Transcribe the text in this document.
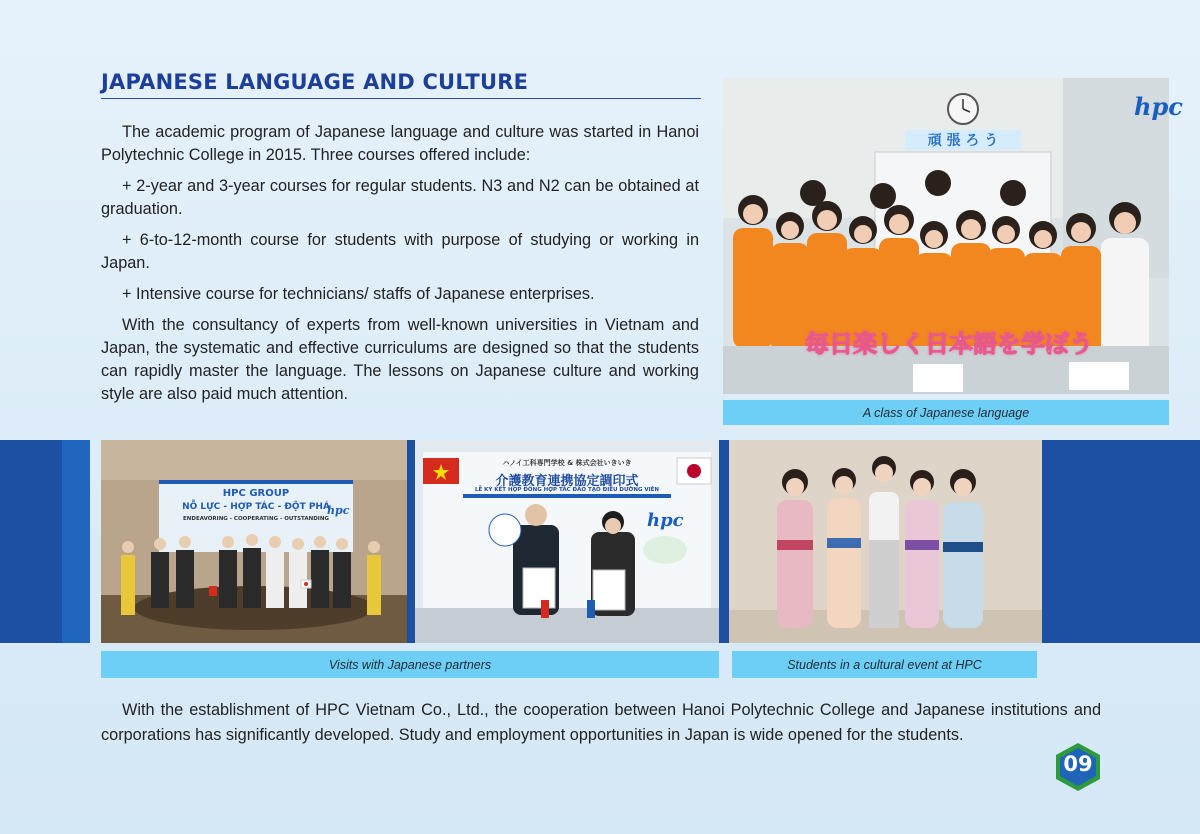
JAPANESE LANGUAGE AND CULTURE

The academic program of Japanese language and culture was started in Hanoi Polytechnic College in 2015. Three courses offered include:

+ 2-year and 3-year courses for regular students. N3 and N2 can be obtained at graduation.

+ 6-to-12-month course for students with purpose of studying or working in Japan.

+ Intensive course for technicians/ staffs of Japanese enterprises.

With the consultancy of experts from well-known universities in Vietnam and Japan, the systematic and effective curriculums are designed so that the students can rapidly master the language. The lessons on Japanese culture and working style are also paid much attention.

頑 張 ろ う
hpc
毎日楽しく日本語を学ぼう
A class of Japanese language
HPC GROUP
NỖ LỰC - HỢP TÁC - ĐỘT PHÁ
ENDEAVORING - COOPERATING - OUTSTANDING
hpc
ハノイ工科専門学校 & 株式会社いきいき
介護教育連携協定調印式
LỄ KÝ KẾT HỢP ĐỒNG HỢP TÁC ĐÀO TẠO ĐIỀU DƯỠNG VIÊN
hpc
Visits with Japanese partners	Students in a cultural event at HPC

With the establishment of HPC Vietnam Co., Ltd., the cooperation between Hanoi Polytechnic College and Japanese institutions and corporations has significantly developed. Study and employment opportunities in Japan is wide opened for the students.

09
